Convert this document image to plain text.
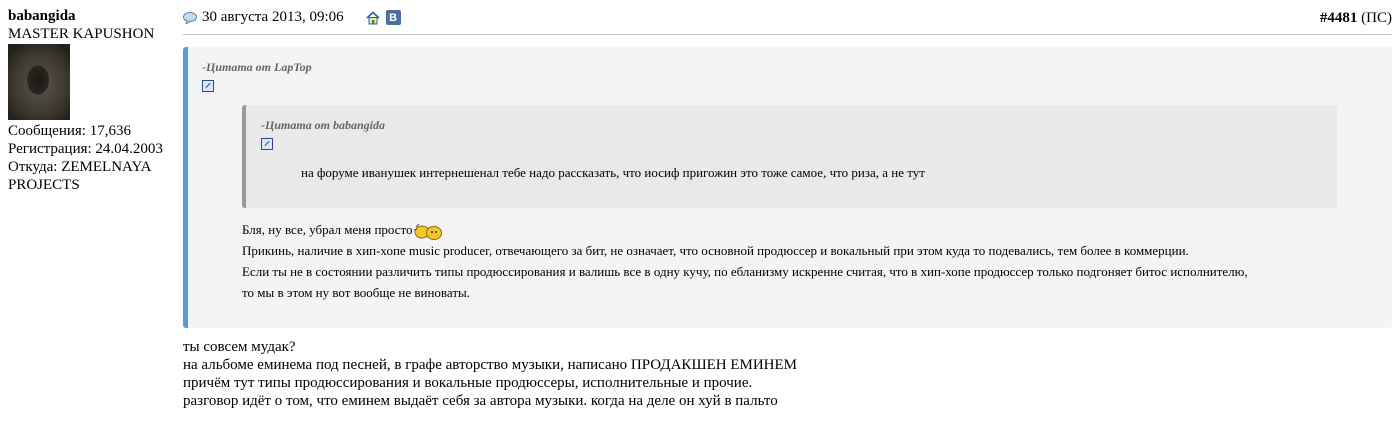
babangida
MASTER KAPUSHON
Сообщения: 17,636
Регистрация: 24.04.2003
Откуда: ZEMELNAYA
PROJECTS
30 августа 2013, 09:06	В	#4481 (ПС)
-Цитата от LapTop
-Цитата от babangida
на форуме иванушек интернешенал тебе надо рассказать, что иосиф пригожин это тоже самое, что риза, а не тут
Бля, ну все, убрал меня просто
Прикинь, наличие в хип-хопе music producer, отвечающего за бит, не означает, что основной продюссер и вокальный при этом куда то подевались, тем более в коммерции.
Если ты не в состоянии различить типы продюссирования и валишь все в одну кучу, по ебланизму искренне считая, что в хип-хопе продюссер только подгоняет битос исполнителю,
то мы в этом ну вот вообще не виноваты.
ты совсем мудак?
на альбоме еминема под песней, в графе авторство музыки, написано ПРОДАКШЕН ЕМИНЕМ
причём тут типы продюссирования и вокальные продюссеры, исполнительные и прочие.
разговор идёт о том, что еминем выдаёт себя за автора музыки. когда на деле он хуй в пальто
